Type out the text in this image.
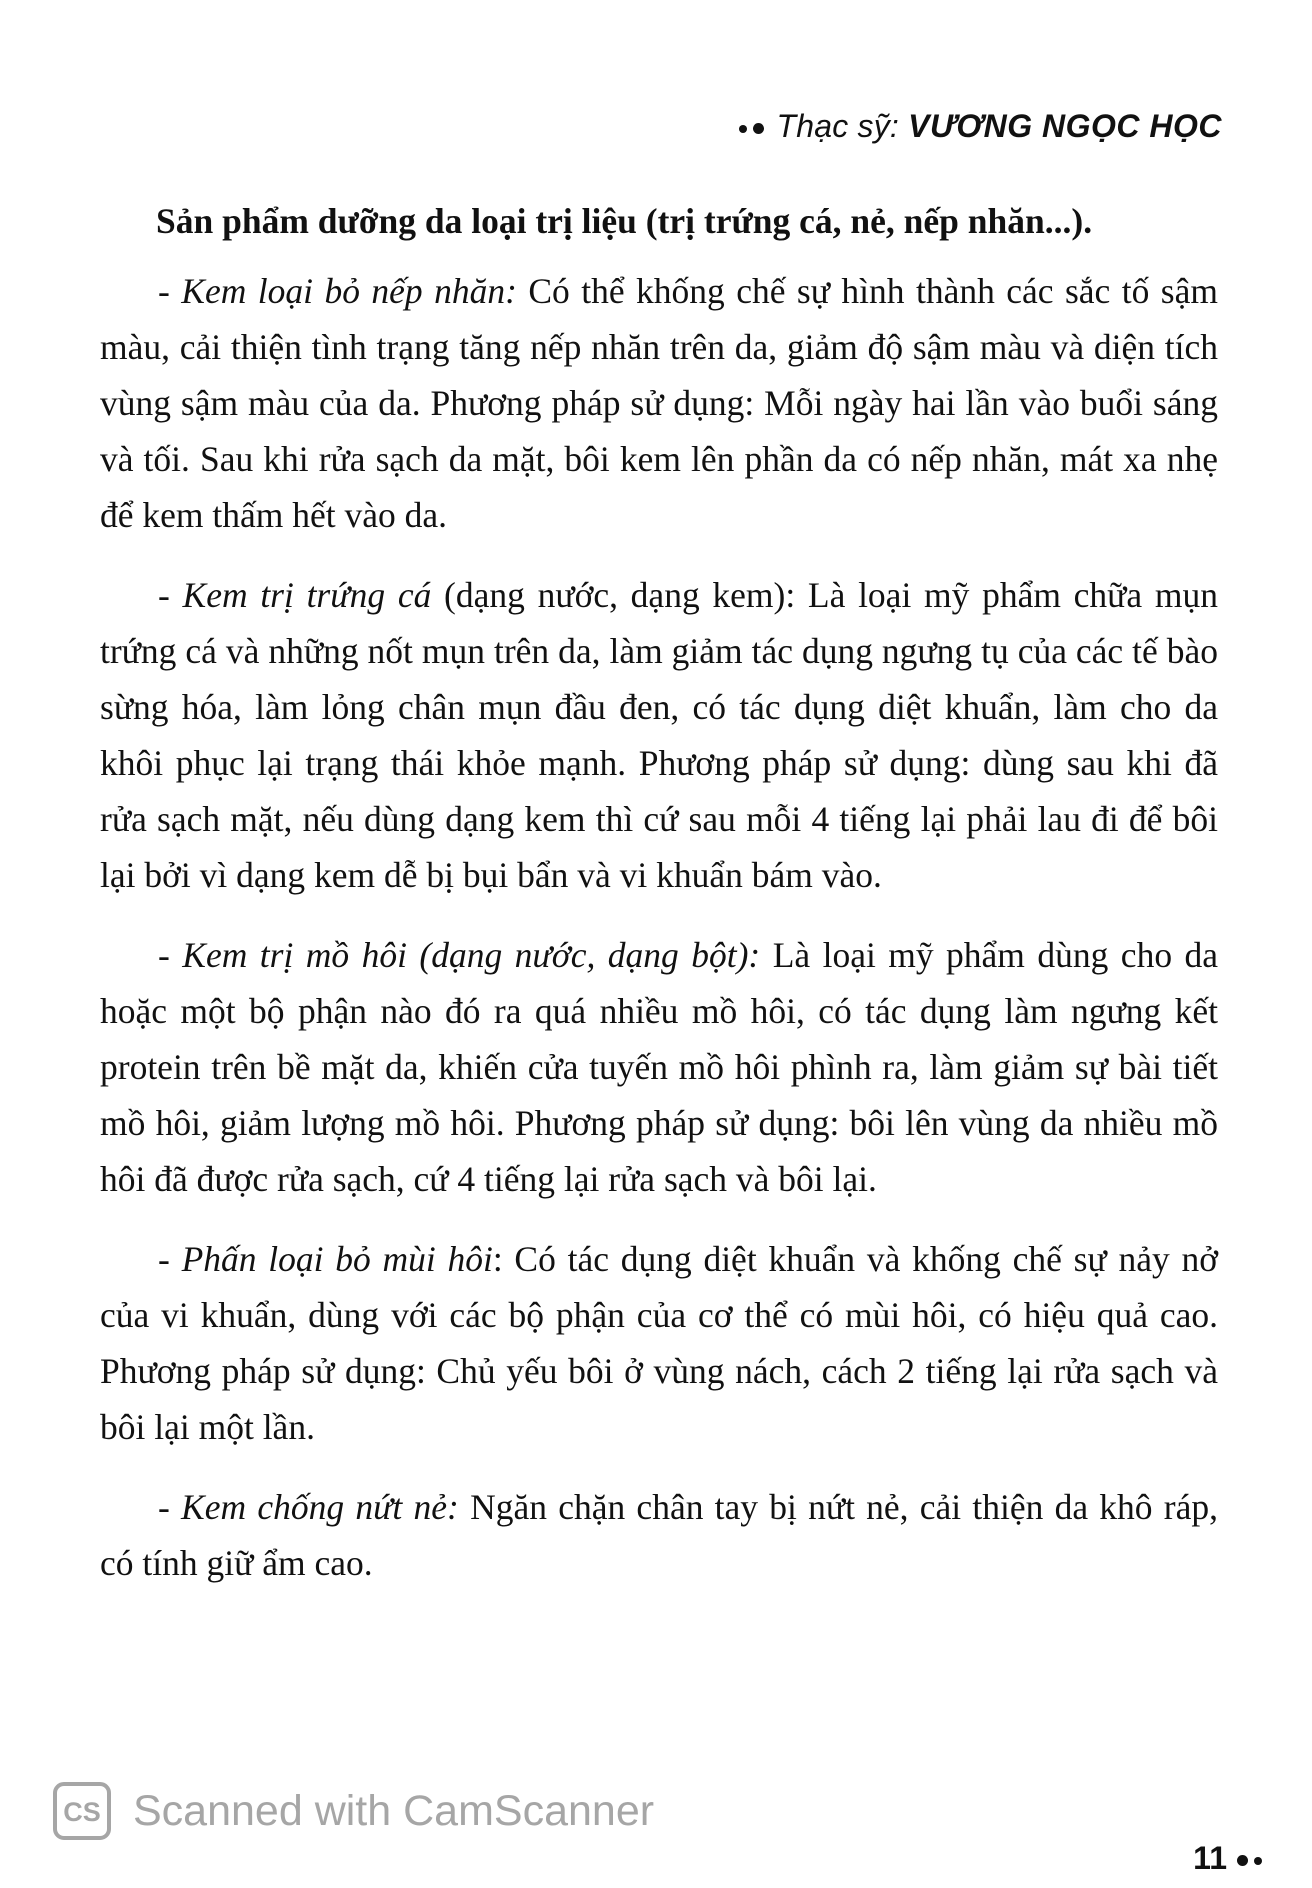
Thạc sỹ: VƯƠNG NGỌC HỌC

Sản phẩm dưỡng da loại trị liệu (trị trứng cá, nẻ, nếp nhăn...).

- Kem loại bỏ nếp nhăn: Có thể khống chế sự hình thành các sắc tố sậm màu, cải thiện tình trạng tăng nếp nhăn trên da, giảm độ sậm màu và diện tích vùng sậm màu của da. Phương pháp sử dụng: Mỗi ngày hai lần vào buổi sáng và tối. Sau khi rửa sạch da mặt, bôi kem lên phần da có nếp nhăn, mát xa nhẹ để kem thấm hết vào da.

- Kem trị trứng cá (dạng nước, dạng kem): Là loại mỹ phẩm chữa mụn trứng cá và những nốt mụn trên da, làm giảm tác dụng ngưng tụ của các tế bào sừng hóa, làm lỏng chân mụn đầu đen, có tác dụng diệt khuẩn, làm cho da khôi phục lại trạng thái khỏe mạnh. Phương pháp sử dụng: dùng sau khi đã rửa sạch mặt, nếu dùng dạng kem thì cứ sau mỗi 4 tiếng lại phải lau đi để bôi lại bởi vì dạng kem dễ bị bụi bẩn và vi khuẩn bám vào.

- Kem trị mồ hôi (dạng nước, dạng bột): Là loại mỹ phẩm dùng cho da hoặc một bộ phận nào đó ra quá nhiều mồ hôi, có tác dụng làm ngưng kết protein trên bề mặt da, khiến cửa tuyến mồ hôi phình ra, làm giảm sự bài tiết mồ hôi, giảm lượng mồ hôi. Phương pháp sử dụng: bôi lên vùng da nhiều mồ hôi đã được rửa sạch, cứ 4 tiếng lại rửa sạch và bôi lại.

- Phấn loại bỏ mùi hôi: Có tác dụng diệt khuẩn và khống chế sự nảy nở của vi khuẩn, dùng với các bộ phận của cơ thể có mùi hôi, có hiệu quả cao. Phương pháp sử dụng: Chủ yếu bôi ở vùng nách, cách 2 tiếng lại rửa sạch và bôi lại một lần.

- Kem chống nứt nẻ: Ngăn chặn chân tay bị nứt nẻ, cải thiện da khô ráp, có tính giữ ẩm cao.

CS Scanned with CamScanner
11
